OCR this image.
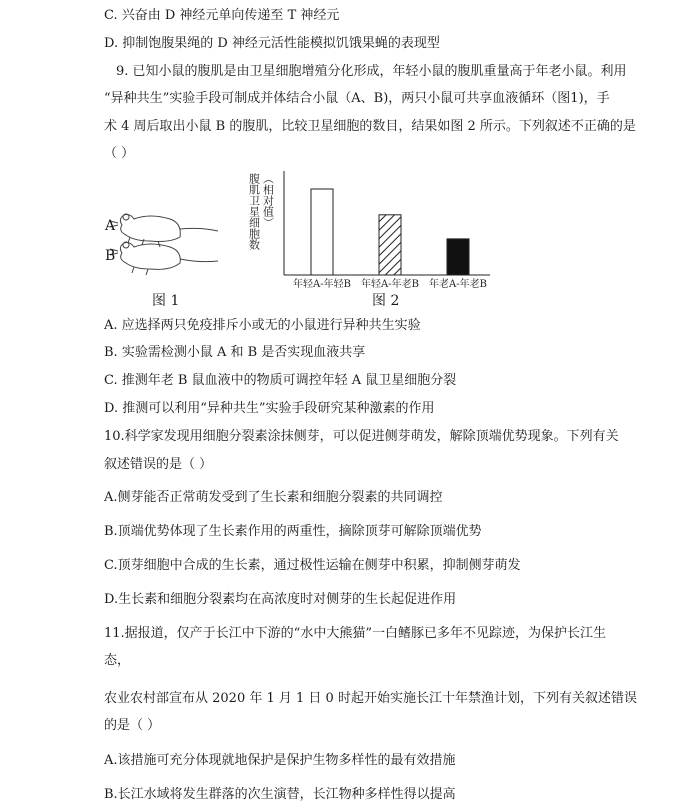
C. 兴奋由 D 神经元单向传递至 T 神经元
D. 抑制饱腹果绳的 D 神经元活性能模拟饥饿果蝇的表现型
9. 已知小鼠的腹肌是由卫星细胞增殖分化形成，年轻小鼠的腹肌重量高于年老小鼠。利用
“异种共生”实验手段可制成并体结合小鼠（A、B)，两只小鼠可共享血液循环（图1)，手
术 4 周后取出小鼠 B 的腹肌，比较卫星细胞的数目，结果如图 2 所示。下列叙述不正确的是
（ ）
A
B
图 1
腹肌卫星细胞数 （相对值）
年轻A-年轻B 年轻A-年老B 年老A-年老B
图 2
A. 应选择两只免疫排斥小或无的小鼠进行异种共生实验
B. 实验需检测小鼠 A 和 B 是否实现血液共享
C. 推测年老 B 鼠血液中的物质可调控年轻 A 鼠卫星细胞分裂
D. 推测可以利用“异种共生”实验手段研究某种激素的作用
10.科学家发现用细胞分裂素涂抹侧芽，可以促进侧芽萌发，解除顶端优势现象。下列有关
叙述错误的是（ ）
A.侧芽能否正常萌发受到了生长素和细胞分裂素的共同调控
B.顶端优势体现了生长素作用的两重性，摘除顶芽可解除顶端优势
C.顶芽细胞中合成的生长素，通过极性运输在侧芽中积累，抑制侧芽萌发
D.生长素和细胞分裂素均在高浓度时对侧芽的生长起促进作用
11.据报道，仅产于长江中下游的“水中大熊猫”一白鳍豚已多年不见踪迹，为保护长江生
态，
农业农村部宣布从 2020 年 1 月 1 日 0 时起开始实施长江十年禁渔计划，下列有关叙述错误
的是（ ）
A.该措施可充分体现就地保护是保护生物多样性的最有效措施
B.长江水域将发生群落的次生演替，长江物种多样性得以提高
